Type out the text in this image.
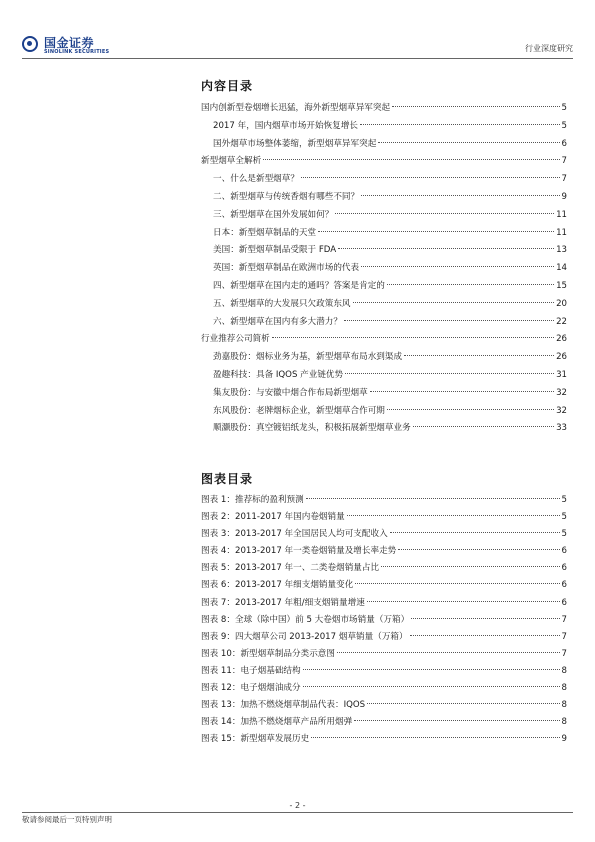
国金证券
SINOLINK SECURITIES	行业深度研究
内容目录
国内创新型卷烟增长迅猛，海外新型烟草异军突起	5
2017 年，国内烟草市场开始恢复增长	5
国外烟草市场整体萎缩，新型烟草异军突起	6
新型烟草全解析	7
一、什么是新型烟草？	7
二、新型烟草与传统香烟有哪些不同？	9
三、新型烟草在国外发展如何？	11
日本：新型烟草制品的天堂	11
美国：新型烟草制品受限于 FDA	13
英国：新型烟草制品在欧洲市场的代表	14
四、新型烟草在国内走的通吗？答案是肯定的	15
五、新型烟草的大发展只欠政策东风	20
六、新型烟草在国内有多大潜力？	22
行业推荐公司简析	26
劲嘉股份：烟标业务为基，新型烟草布局水到渠成	26
盈趣科技：具备 IQOS 产业链优势	31
集友股份：与安徽中烟合作布局新型烟草	32
东风股份：老牌烟标企业，新型烟草合作可期	32
顺灏股份：真空镀铝纸龙头，积极拓展新型烟草业务	33
图表目录
图表 1：推荐标的盈利预测	5
图表 2：2011-2017 年国内卷烟销量	5
图表 3：2013-2017 年全国居民人均可支配收入	5
图表 4：2013-2017 年一类卷烟销量及增长率走势	6
图表 5：2013-2017 年一、二类卷烟销量占比	6
图表 6：2013-2017 年细支烟销量变化	6
图表 7：2013-2017 年粗/细支烟销量增速	6
图表 8：全球（除中国）前 5 大卷烟市场销量（万箱）	7
图表 9：四大烟草公司 2013-2017 烟草销量（万箱）	7
图表 10：新型烟草制品分类示意图	7
图表 11：电子烟基础结构	8
图表 12：电子烟烟油成分	8
图表 13：加热不燃烧烟草制品代表：IQOS	8
图表 14：加热不燃烧烟草产品所用烟弹	8
图表 15：新型烟草发展历史	9
- 2 -
敬请参阅最后一页特别声明
